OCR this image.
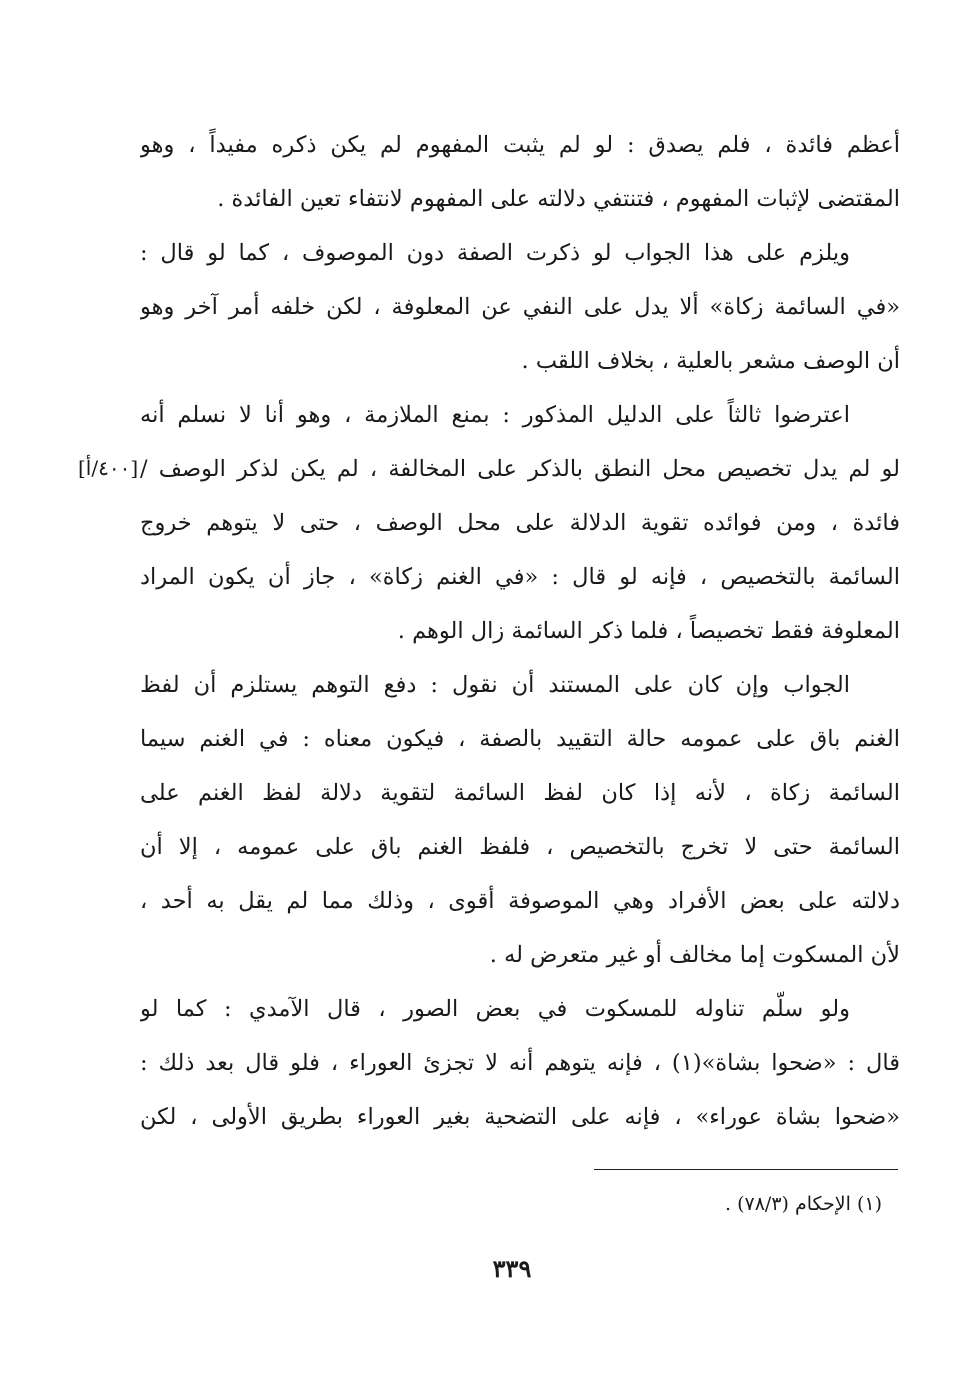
أعظم فائدة ، فلم يصدق : لو لم يثبت المفهوم لم يكن ذكره مفيداً ، وهو
المقتضى لإثبات المفهوم ، فتنتفي دلالته على المفهوم لانتفاء تعين الفائدة .
ويلزم على هذا الجواب لو ذكرت الصفة دون الموصوف ، كما لو قال :
«في السائمة زكاة» ألا يدل على النفي عن المعلوفة ، لكن خلفه أمر آخر وهو
أن الوصف مشعر بالعلية ، بخلاف اللقب .
اعترضوا ثالثاً على الدليل المذكور : بمنع الملازمة ، وهو أنا لا نسلم أنه
لو لم يدل تخصيص محل النطق بالذكر على المخالفة ، لم يكن لذكر الوصف /
فائدة ، ومن فوائده تقوية الدلالة على محل الوصف ، حتى لا يتوهم خروج
السائمة بالتخصيص ، فإنه لو قال : «في الغنم زكاة» ، جاز أن يكون المراد
المعلوفة فقط تخصيصاً ، فلما ذكر السائمة زال الوهم .
الجواب وإن كان على المستند أن نقول : دفع التوهم يستلزم أن لفظ
الغنم باق على عمومه حالة التقييد بالصفة ، فيكون معناه : في الغنم سيما
السائمة زكاة ، لأنه إذا كان لفظ السائمة لتقوية دلالة لفظ الغنم على
السائمة حتى لا تخرج بالتخصيص ، فلفظ الغنم باق على عمومه ، إلا أن
دلالته على بعض الأفراد وهي الموصوفة أقوى ، وذلك مما لم يقل به أحد ،
لأن المسكوت إما مخالف أو غير متعرض له .
ولو سلّم تناوله للمسكوت في بعض الصور ، قال الآمدي : كما لو
قال : «ضحوا بشاة»(١) ، فإنه يتوهم أنه لا تجزئ العوراء ، فلو قال بعد ذلك :
«ضحوا بشاة عوراء» ، فإنه على التضحية بغير العوراء بطريق الأولى ، لكن
[٤٠٠/أ]
(١) الإحكام (٧٨/٣) .
٣٣٩
